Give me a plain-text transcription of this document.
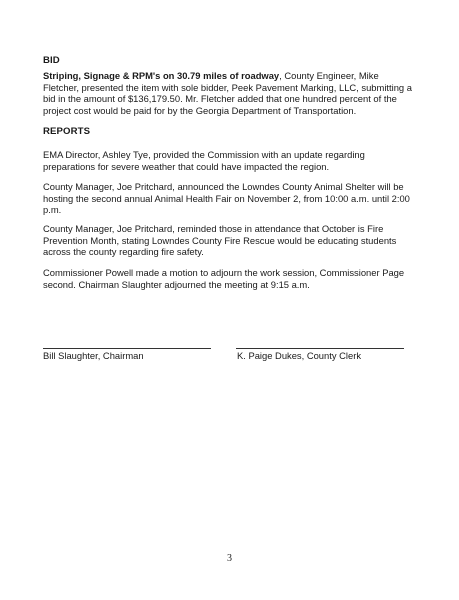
BID

Striping, Signage & RPM's on 30.79 miles of roadway, County Engineer, Mike Fletcher, presented the item with sole bidder, Peek Pavement Marking, LLC, submitting a bid in the amount of $136,179.50. Mr. Fletcher added that one hundred percent of the project cost would be paid for by the Georgia Department of Transportation.

REPORTS

EMA Director, Ashley Tye, provided the Commission with an update regarding preparations for severe weather that could have impacted the region.

County Manager, Joe Pritchard, announced the Lowndes County Animal Shelter will be hosting the second annual Animal Health Fair on November 2, from 10:00 a.m. until 2:00 p.m.

County Manager, Joe Pritchard, reminded those in attendance that October is Fire Prevention Month, stating Lowndes County Fire Rescue would be educating students across the county regarding fire safety.

Commissioner Powell made a motion to adjourn the work session, Commissioner Page second. Chairman Slaughter adjourned the meeting at 9:15 a.m.

Bill Slaughter, Chairman	K. Paige Dukes, County Clerk
3
